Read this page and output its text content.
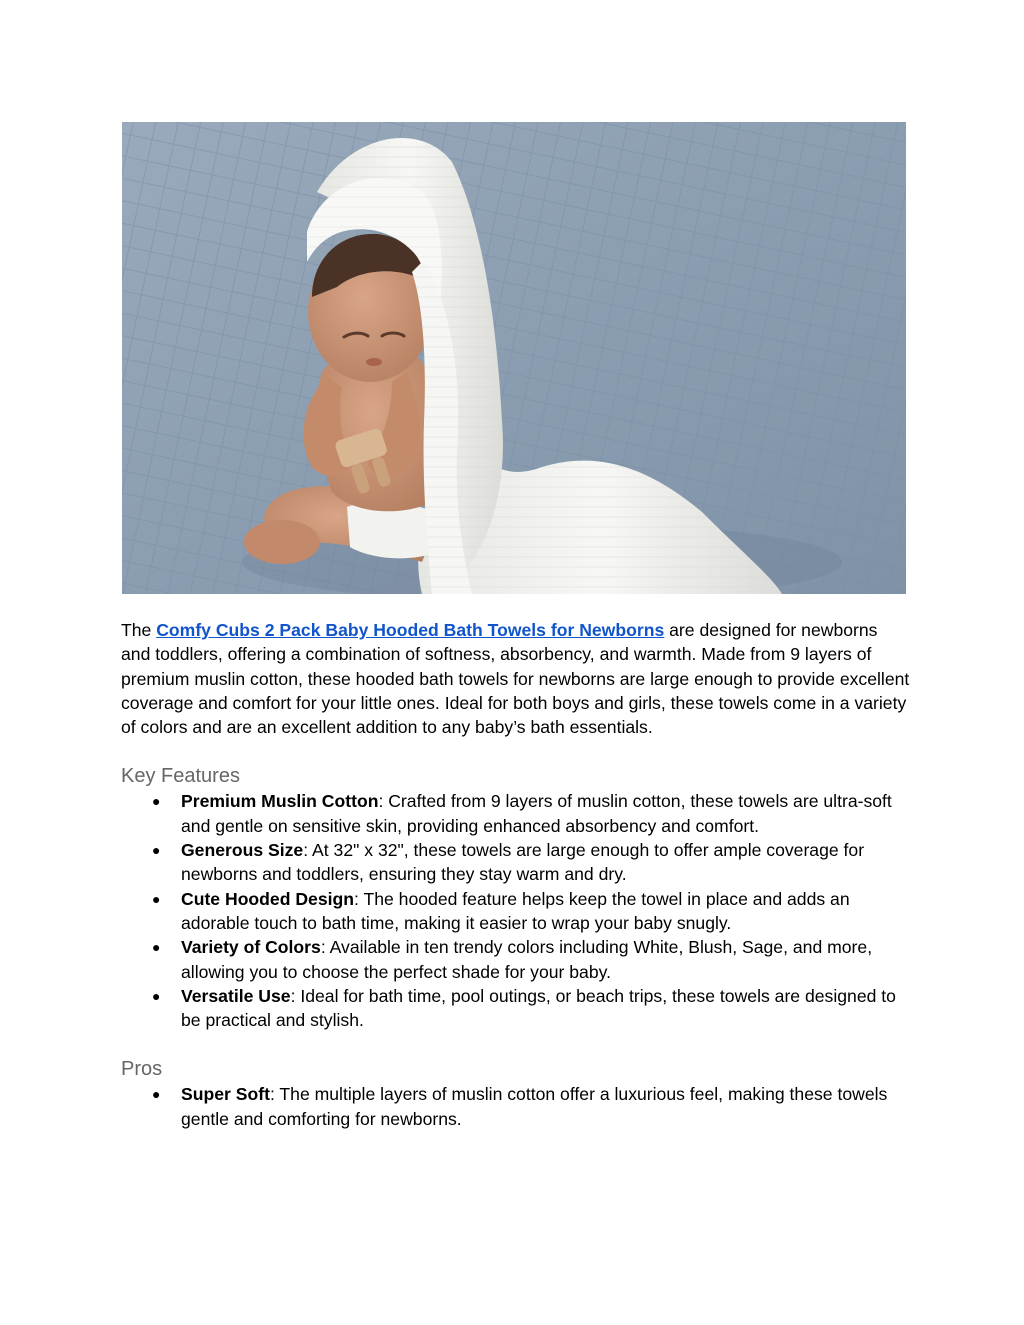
The Comfy Cubs 2 Pack Baby Hooded Bath Towels for Newborns are designed for newborns and toddlers, offering a combination of softness, absorbency, and warmth. Made from 9 layers of premium muslin cotton, these hooded bath towels for newborns are large enough to provide excellent coverage and comfort for your little ones. Ideal for both boys and girls, these towels come in a variety of colors and are an excellent addition to any baby’s bath essentials.

Key Features
● Premium Muslin Cotton: Crafted from 9 layers of muslin cotton, these towels are ultra-soft and gentle on sensitive skin, providing enhanced absorbency and comfort.
● Generous Size: At 32" x 32", these towels are large enough to offer ample coverage for newborns and toddlers, ensuring they stay warm and dry.
● Cute Hooded Design: The hooded feature helps keep the towel in place and adds an adorable touch to bath time, making it easier to wrap your baby snugly.
● Variety of Colors: Available in ten trendy colors including White, Blush, Sage, and more, allowing you to choose the perfect shade for your baby.
● Versatile Use: Ideal for bath time, pool outings, or beach trips, these towels are designed to be practical and stylish.
Pros
● Super Soft: The multiple layers of muslin cotton offer a luxurious feel, making these towels gentle and comforting for newborns.
